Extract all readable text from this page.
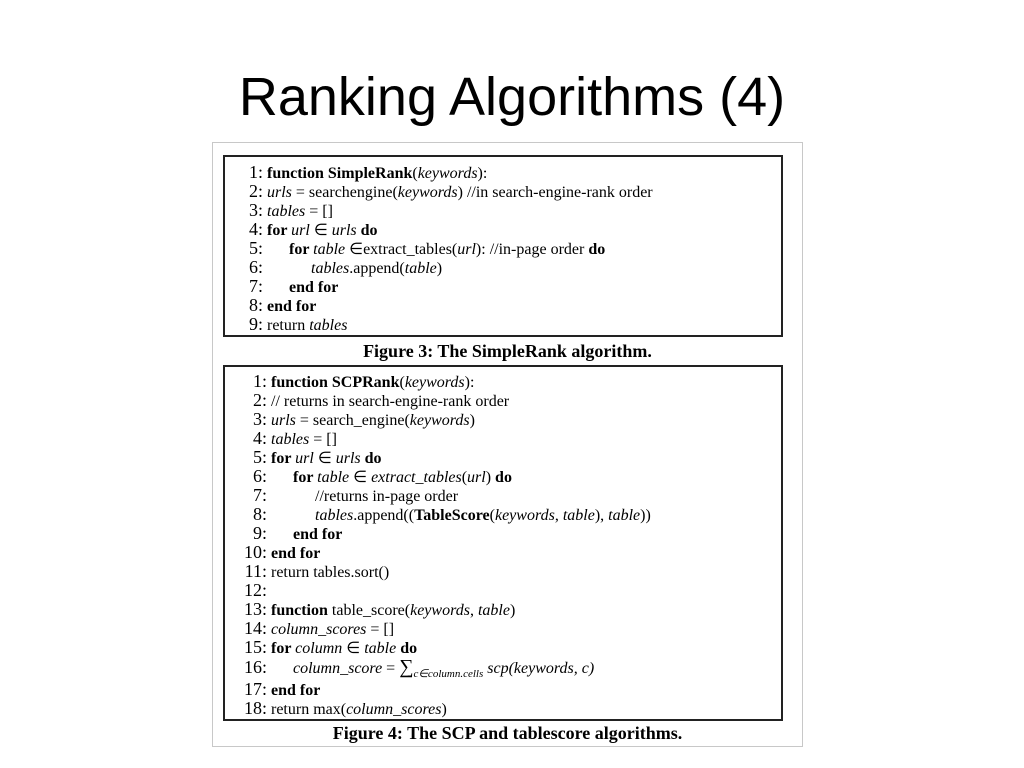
Ranking Algorithms (4)
1: function SimpleRank(keywords):
2: urls = searchengine(keywords) //in search-engine-rank order
3: tables = []
4: for url ∈ urls do
5: for table ∈extract_tables(url): //in-page order do
6:	tables.append(table)
7: end for
8: end for
9: return tables
Figure 3: The SimpleRank algorithm.
1: function SCPRank(keywords):
2: // returns in search-engine-rank order
3: urls = search_engine(keywords)
4: tables = []
5: for url ∈ urls do
6: for table ∈ extract_tables(url) do
7:	//returns in-page order
8:	tables.append((TableScore(keywords, table), table))
9: end for
10: end for
11: return tables.sort()
12:
13: function table_score(keywords, table)
14: column_scores = []
15: for column ∈ table do
16: column_score = $\sum_{c\in column.cells}$ scp(keywords, c)
17: end for
18: return max(column_scores)
Figure 4: The SCP and tablescore algorithms.
